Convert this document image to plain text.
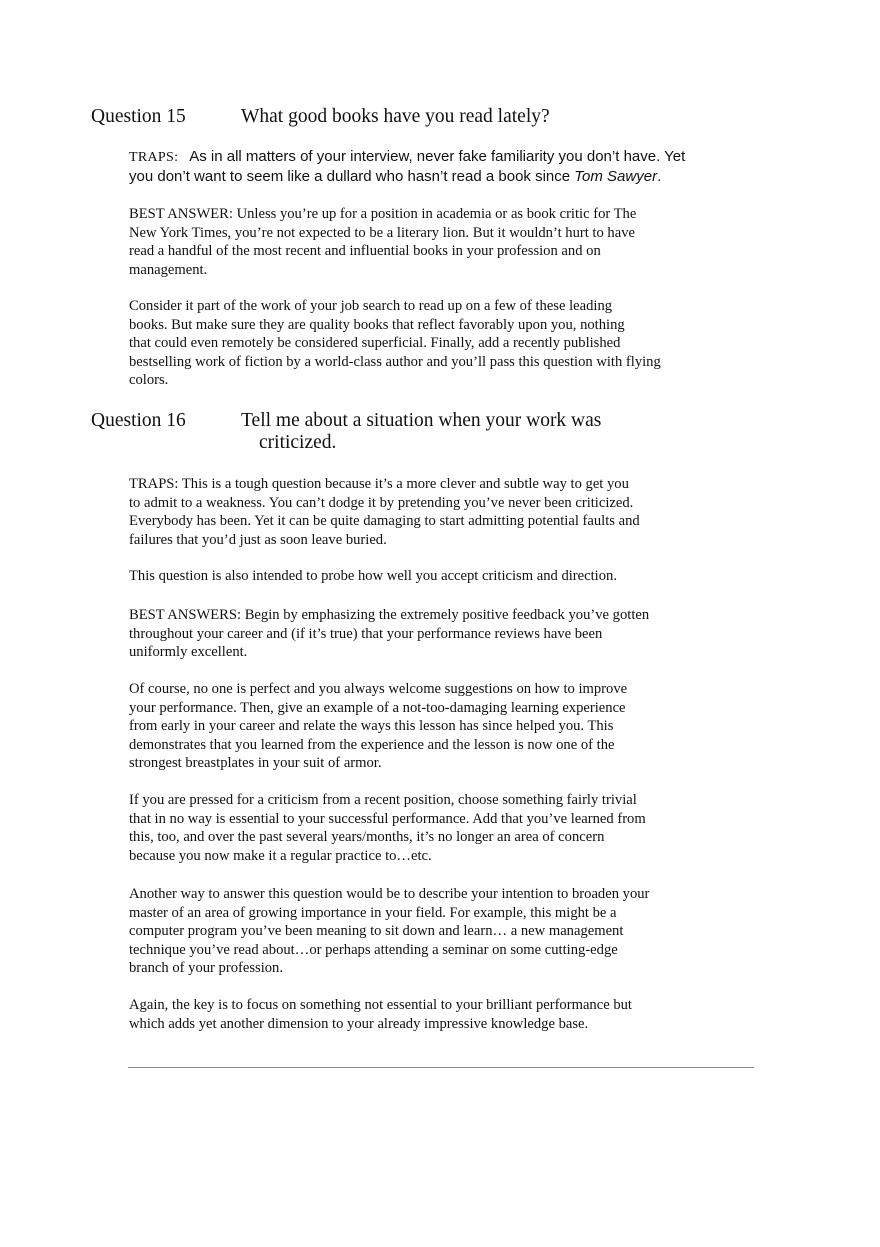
Question 15	What good books have you read lately?
TRAPS: As in all matters of your interview, never fake familiarity you don’t have. Yet
you don’t want to seem like a dullard who hasn’t read a book since Tom Sawyer.
BEST ANSWER: Unless you’re up for a position in academia or as book critic for The
New York Times, you’re not expected to be a literary lion. But it wouldn’t hurt to have
read a handful of the most recent and influential books in your profession and on
management.
Consider it part of the work of your job search to read up on a few of these leading
books. But make sure they are quality books that reflect favorably upon you, nothing
that could even remotely be considered superficial. Finally, add a recently published
bestselling work of fiction by a world-class author and you’ll pass this question with flying
colors.
Question 16	Tell me about a situation when your work was
criticized.
TRAPS: This is a tough question because it’s a more clever and subtle way to get you
to admit to a weakness. You can’t dodge it by pretending you’ve never been criticized.
Everybody has been. Yet it can be quite damaging to start admitting potential faults and
failures that you’d just as soon leave buried.
This question is also intended to probe how well you accept criticism and direction.
BEST ANSWERS: Begin by emphasizing the extremely positive feedback you’ve gotten
throughout your career and (if it’s true) that your performance reviews have been
uniformly excellent.
Of course, no one is perfect and you always welcome suggestions on how to improve
your performance. Then, give an example of a not-too-damaging learning experience
from early in your career and relate the ways this lesson has since helped you. This
demonstrates that you learned from the experience and the lesson is now one of the
strongest breastplates in your suit of armor.
If you are pressed for a criticism from a recent position, choose something fairly trivial
that in no way is essential to your successful performance. Add that you’ve learned from
this, too, and over the past several years/months, it’s no longer an area of concern
because you now make it a regular practice to…etc.
Another way to answer this question would be to describe your intention to broaden your
master of an area of growing importance in your field. For example, this might be a
computer program you’ve been meaning to sit down and learn… a new management
technique you’ve read about…or perhaps attending a seminar on some cutting-edge
branch of your profession.
Again, the key is to focus on something not essential to your brilliant performance but
which adds yet another dimension to your already impressive knowledge base.
